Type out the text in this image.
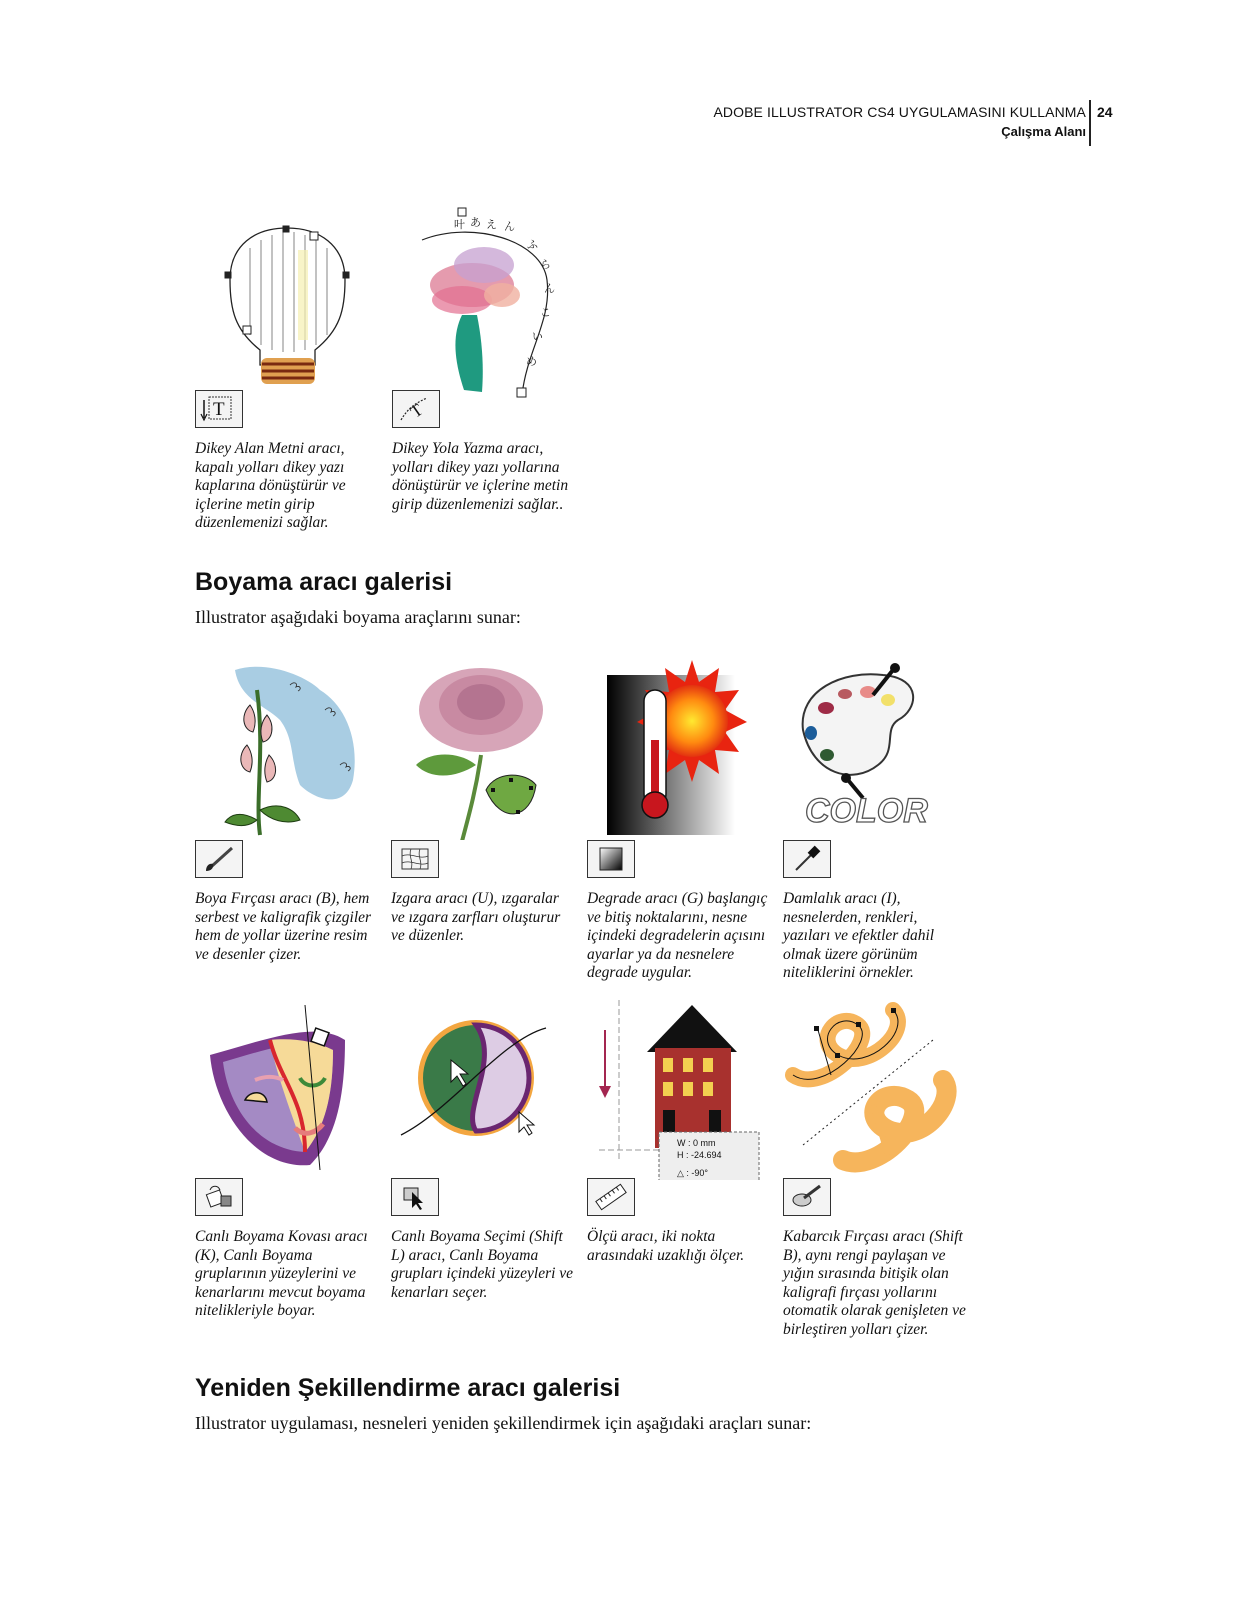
ADOBE ILLUSTRATOR CS4 UYGULAMASINI KULLANMA
Çalışma Alanı
24
T
Dikey Alan Metni aracı, kapalı yolları dikey yazı kaplarına dönüştürür ve içlerine metin girip düzenlemenizi sağlar.
叶 あ え ん
ふ
ら
ん
こ
い
め
T
Dikey Yola Yazma aracı, yolları dikey yazı yollarına dönüştürür ve içlerine metin girip düzenlemenizi sağlar..
Boyama aracı galerisi
Illustrator aşağıdaki boyama araçlarını sunar:
Boya Fırçası aracı (B), hem serbest ve kaligrafik çizgiler hem de yollar üzerine resim ve desenler çizer.
Izgara aracı (U), ızgaralar ve ızgara zarfları oluşturur ve düzenler.
Degrade aracı (G) başlangıç ve bitiş noktalarını, nesne içindeki degradelerin açısını ayarlar ya da nesnelere degrade uygular.
COLOR
Damlalık aracı (I), nesnelerden, renkleri, yazıları ve efektler dahil olmak üzere görünüm niteliklerini örnekler.
Canlı Boyama Kovası aracı (K), Canlı Boyama gruplarının yüzeylerini ve kenarlarını mevcut boyama nitelikleriyle boyar.
Canlı Boyama Seçimi (Shift L) aracı, Canlı Boyama grupları içindeki yüzeyleri ve kenarları seçer.
W : 0 mm
H : -24.694
△ : -90°
Ölçü aracı, iki nokta arasındaki uzaklığı ölçer.
Kabarcık Fırçası aracı (Shift B), aynı rengi paylaşan ve yığın sırasında bitişik olan kaligrafi fırçası yollarını otomatik olarak genişleten ve birleştiren yolları çizer.
Yeniden Şekillendirme aracı galerisi
Illustrator uygulaması, nesneleri yeniden şekillendirmek için aşağıdaki araçları sunar:
